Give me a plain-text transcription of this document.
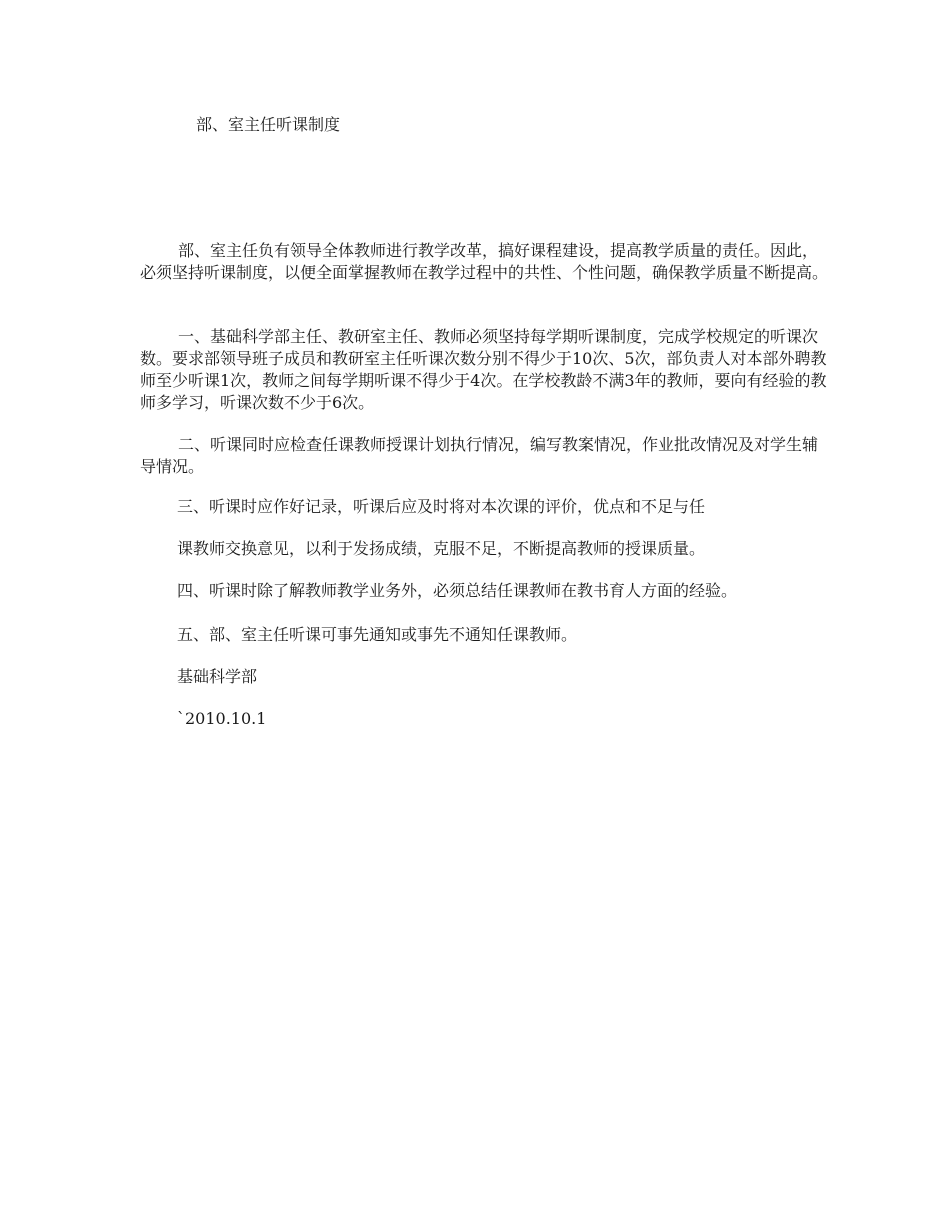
部、室主任听课制度
部、室主任负有领导全体教师进行教学改革，搞好课程建设，提高教学质量的责任。因此，必须坚持听课制度，以便全面掌握教师在教学过程中的共性、个性问题，确保教学质量不断提高。
一、基础科学部主任、教研室主任、教师必须坚持每学期听课制度，完成学校规定的听课次数。要求部领导班子成员和教研室主任听课次数分别不得少于10次、5次，部负责人对本部外聘教师至少听课1次，教师之间每学期听课不得少于4次。在学校教龄不满3年的教师，要向有经验的教师多学习，听课次数不少于6次。
二、听课同时应检查任课教师授课计划执行情况，编写教案情况，作业批改情况及对学生辅导情况。
三、听课时应作好记录，听课后应及时将对本次课的评价，优点和不足与任
课教师交换意见，以利于发扬成绩，克服不足，不断提高教师的授课质量。
四、听课时除了解教师教学业务外，必须总结任课教师在教书育人方面的经验。
五、部、室主任听课可事先通知或事先不通知任课教师。
基础科学部
`2010.10.1
